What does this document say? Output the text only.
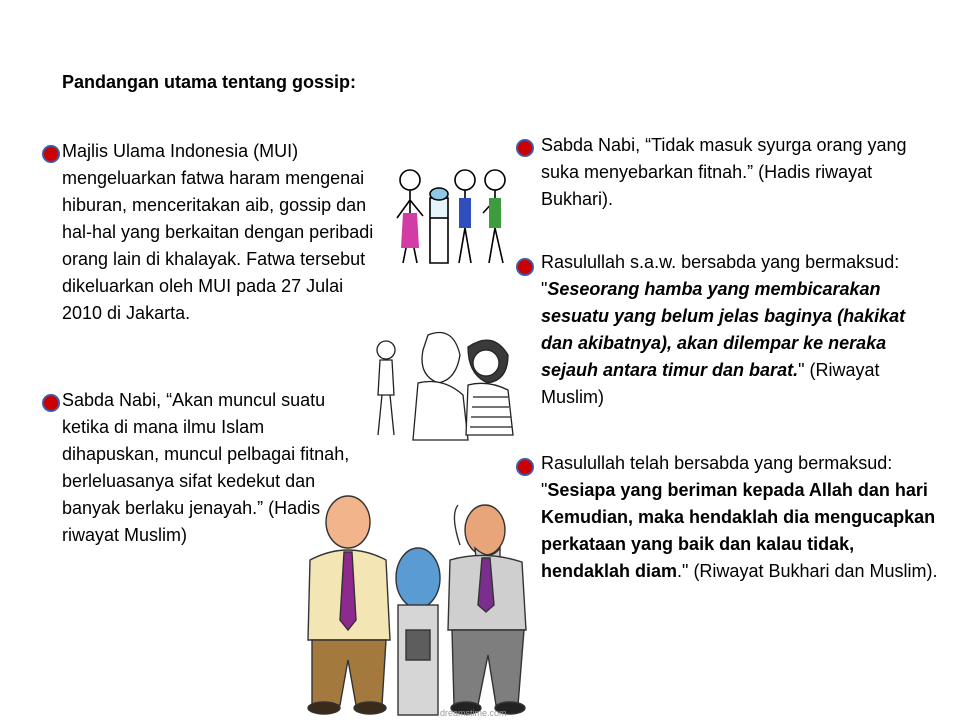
Pandangan utama tentang gossip:

Majlis Ulama Indonesia (MUI) mengeluarkan fatwa haram mengenai hiburan, menceritakan aib, gossip dan hal-hal yang berkaitan dengan peribadi orang lain di khalayak. Fatwa tersebut dikeluarkan oleh MUI pada 27 Julai 2010 di Jakarta.

Sabda Nabi, “Akan muncul suatu ketika di mana ilmu Islam dihapuskan, muncul pelbagai fitnah, berleluasanya sifat kedekut dan banyak berlaku jenayah.” (Hadis riwayat Muslim)

Sabda Nabi, “Tidak masuk syurga orang yang suka menyebarkan fitnah.” (Hadis riwayat Bukhari).

Rasulullah s.a.w. bersabda yang bermaksud: "Seseorang hamba yang membicarakan sesuatu yang belum jelas baginya (hakikat dan akibatnya), akan dilempar ke neraka sejauh antara timur dan barat." (Riwayat Muslim)

Rasulullah telah bersabda yang bermaksud: "Sesiapa yang beriman kepada Allah dan hari Kemudian, maka hendaklah dia mengucapkan perkataan yang baik dan kalau tidak, hendaklah diam." (Riwayat Bukhari dan Muslim).

dreamstime.com
